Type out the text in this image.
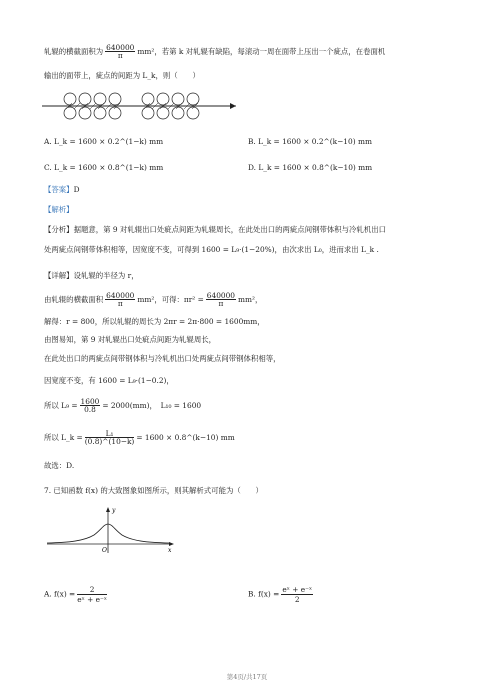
轧辊的横截面积为 $\frac{640000}{\pi} mm^2$，若第 k 对轧辊有缺陷，每滚动一周在面带上压出一个疵点，在卷面机
输出的面带上，疵点的间距为 L_k，则（　　）
A. L_k = 1600 × 0.2^(1−k) mm	B. L_k = 1600 × 0.2^(k−10) mm
C. L_k = 1600 × 0.8^(1−k) mm	D. L_k = 1600 × 0.8^(k−10) mm
【答案】D
【解析】
【分析】据题意，第 9 对轧辊出口处疵点间距为轧辊周长，在此处出口的两疵点间钢带体积与冷轧机出口
处两疵点间钢带体积相等，因宽度不变，可得到 1600 = L₉·(1−20%)，由次求出 L₀，进而求出 L_k .
【详解】设轧辊的半径为 r，
由轧辊的横截面积 $\frac{640000}{\pi} mm^2$，可得：$\pi r^2 = \frac{640000}{\pi} mm^2$，
解得：r = 800，所以轧辊的周长为 2πr = 2π·800 = 1600mm，
由图易知，第 9 对轧辊出口处疵点间距为轧辊周长，
在此处出口的两疵点间带钢体积与冷轧机出口处两疵点间带钢体积相等，
因宽度不变，有 1600 = L₉·(1−0.2)，
所以 $L_9 = \frac{1600}{0.8} = 2000(mm)$，　L₁₀ = 1600
所以 L_k = $\frac{\text{L₁}}{(0.8)\^{}(10-k)} = 1600$ × 0.8^(k−10) mm
故选：D.
7. 已知函数 f(x) 的大致图象如图所示，则其解析式可能为（　　）
y
x
O
A. $f(x) = \frac{2}{\text{eˣ + e⁻ˣ}}$	B. $f(x) = \frac{\text{eˣ + e⁻ˣ}}{2}$
第4页/共17页
